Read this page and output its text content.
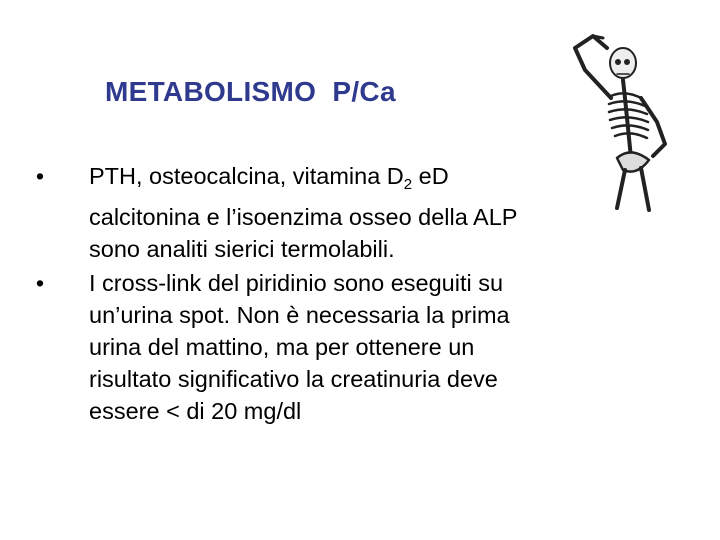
METABOLISMO  P/Ca
• PTH, osteocalcina, vitamina $D_2$ eD
calcitonina e l’isoenzima osseo della ALP
sono analiti sierici termolabili.
• I cross-link del piridinio sono eseguiti su
un’urina spot. Non è necessaria la prima
urina del mattino, ma per ottenere un
risultato significativo la creatinuria deve
essere < di 20 mg/dl
